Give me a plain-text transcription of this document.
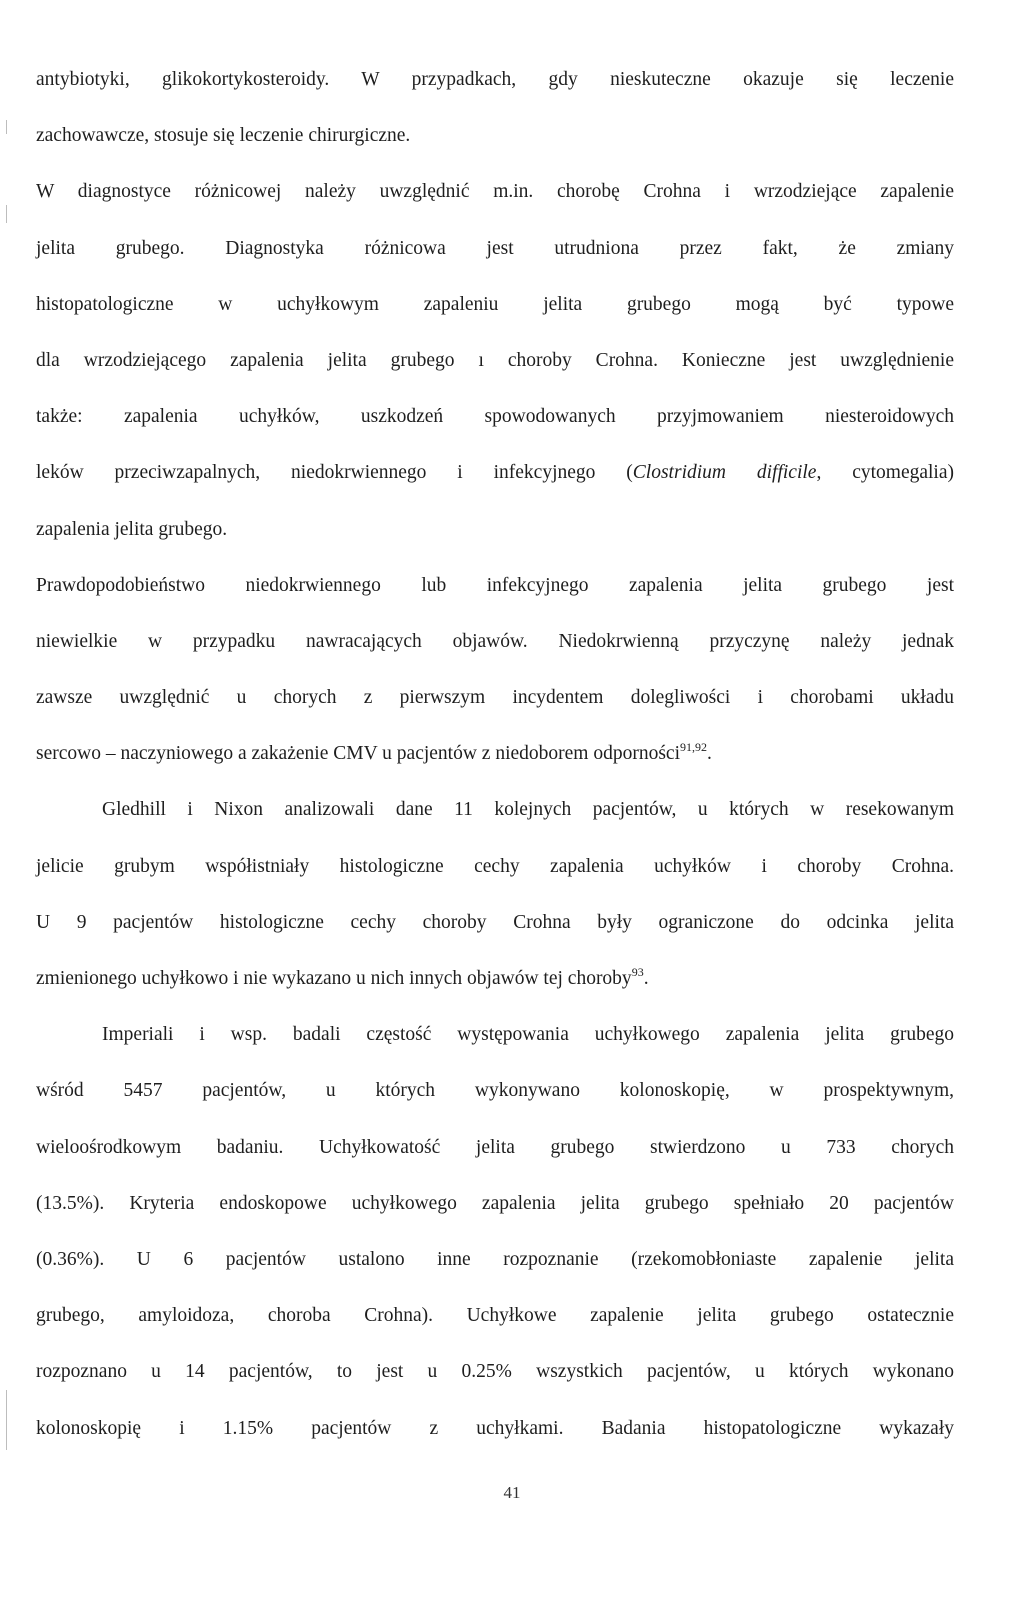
antybiotyki, glikokortykosteroidy. W przypadkach, gdy nieskuteczne okazuje się leczenie
zachowawcze, stosuje się leczenie chirurgiczne.
W diagnostyce różnicowej należy uwzględnić m.in. chorobę Crohna i wrzodziejące zapalenie
jelita grubego. Diagnostyka różnicowa jest utrudniona przez fakt, że zmiany
histopatologiczne w uchyłkowym zapaleniu jelita grubego mogą być typowe
dla wrzodziejącego zapalenia jelita grubego ı choroby Crohna. Konieczne jest uwzględnienie
także: zapalenia uchyłków, uszkodzeń spowodowanych przyjmowaniem niesteroidowych
leków przeciwzapalnych, niedokrwiennego i infekcyjnego (Clostridium difficile, cytomegalia)
zapalenia jelita grubego.
Prawdopodobieństwo niedokrwiennego lub infekcyjnego zapalenia jelita grubego jest
niewielkie w przypadku nawracających objawów. Niedokrwienną przyczynę należy jednak
zawsze uwzględnić u chorych z pierwszym incydentem dolegliwości i chorobami układu
sercowo – naczyniowego a zakażenie CMV u pacjentów z niedoborem odporności$^{91,92}$.
Gledhill i Nixon analizowali dane 11 kolejnych pacjentów, u których w resekowanym
jelicie grubym współistniały histologiczne cechy zapalenia uchyłków i choroby Crohna.
U 9 pacjentów histologiczne cechy choroby Crohna były ograniczone do odcinka jelita
zmienionego uchyłkowo i nie wykazano u nich innych objawów tej choroby$^{93}$.
Imperiali i wsp. badali częstość występowania uchyłkowego zapalenia jelita grubego
wśród 5457 pacjentów, u których wykonywano kolonoskopię, w prospektywnym,
wieloośrodkowym badaniu. Uchyłkowatość jelita grubego stwierdzono u 733 chorych
(13.5%). Kryteria endoskopowe uchyłkowego zapalenia jelita grubego spełniało 20 pacjentów
(0.36%). U 6 pacjentów ustalono inne rozpoznanie (rzekomobłoniaste zapalenie jelita
grubego, amyloidoza, choroba Crohna). Uchyłkowe zapalenie jelita grubego ostatecznie
rozpoznano u 14 pacjentów, to jest u 0.25% wszystkich pacjentów, u których wykonano
kolonoskopię i 1.15% pacjentów z uchyłkami. Badania histopatologiczne wykazały
41
